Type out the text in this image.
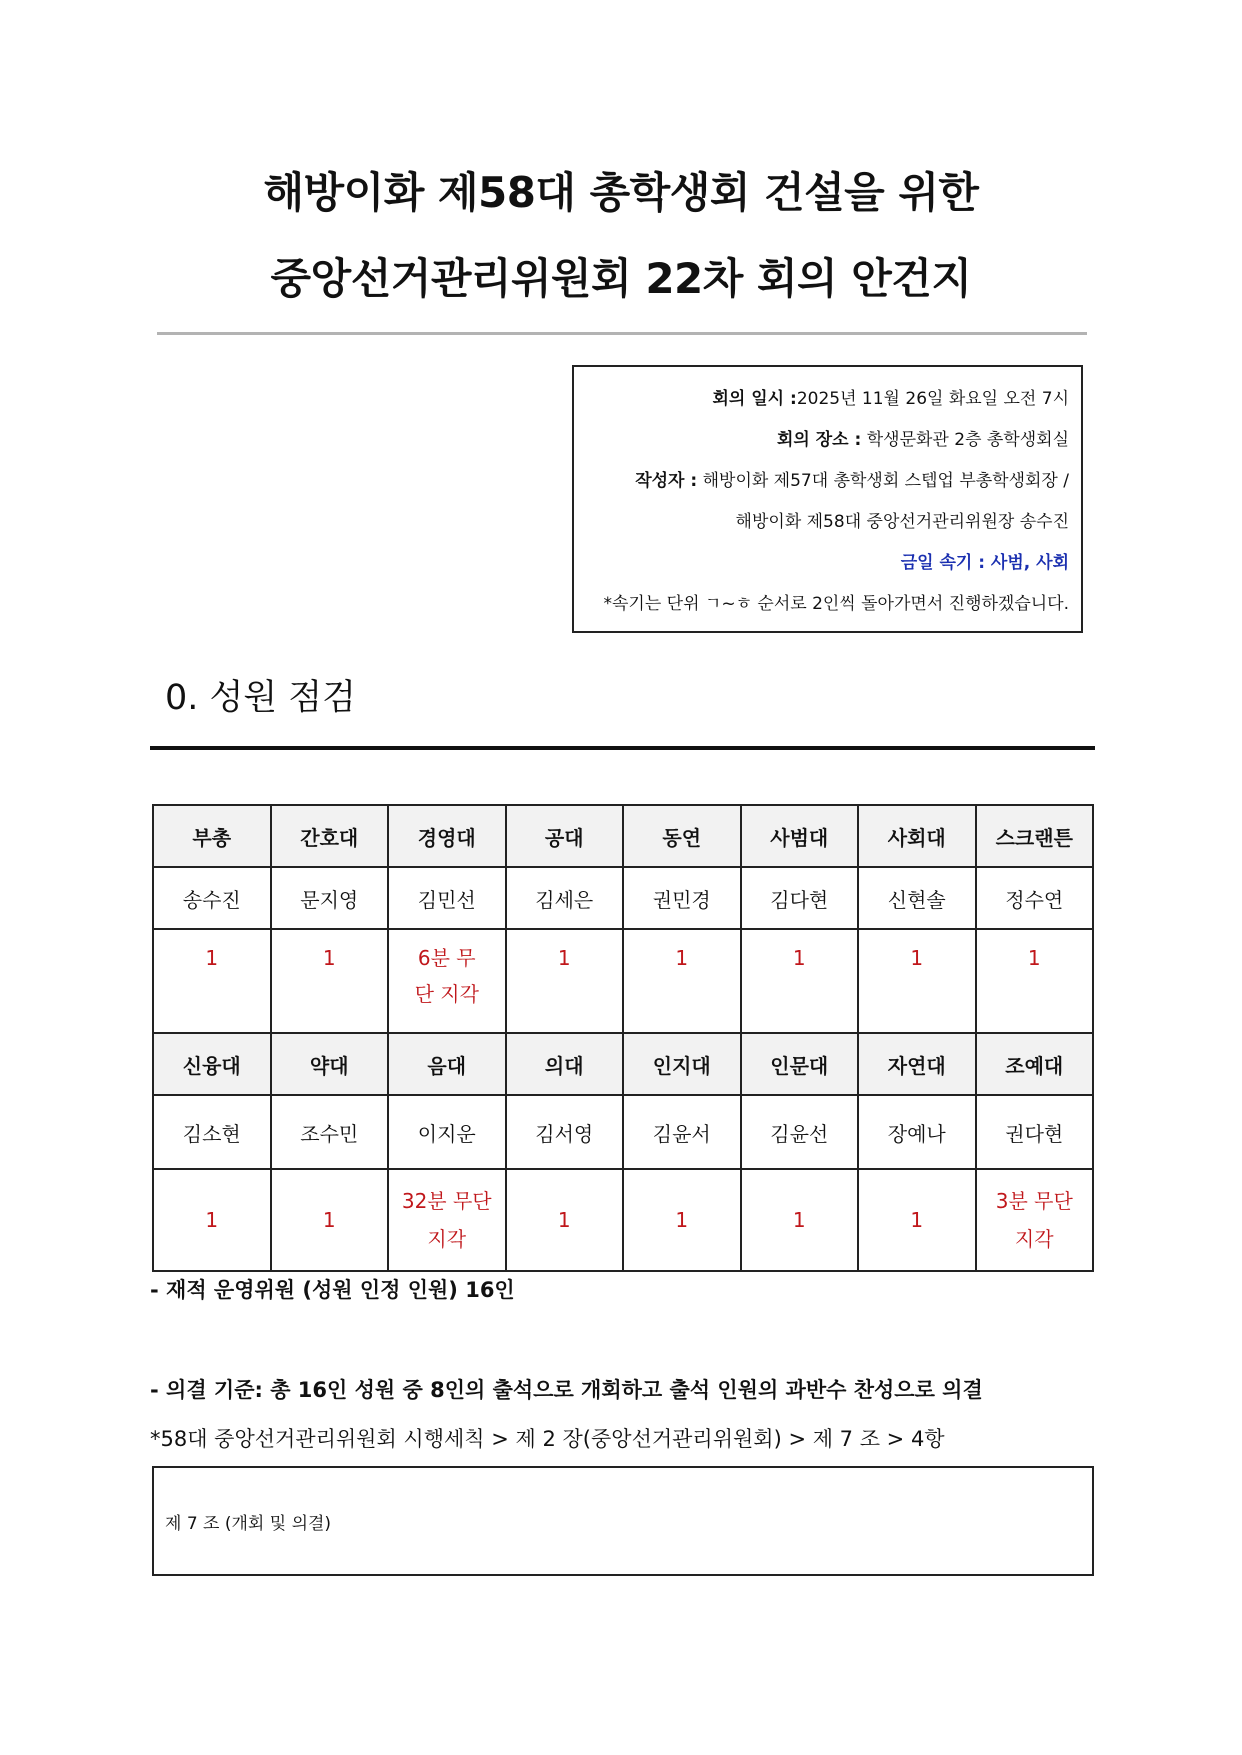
해방이화 제58대 총학생회 건설을 위한
중앙선거관리위원회 22차 회의 안건지
회의 일시 :2025년 11월 26일 화요일 오전 7시
회의 장소 : 학생문화관 2층 총학생회실
작성자 : 해방이화 제57대 총학생회 스텝업 부총학생회장 /
해방이화 제58대 중앙선거관리위원장 송수진
금일 속기 : 사범, 사회
*속기는 단위 ㄱ~ㅎ 순서로 2인씩 돌아가면서 진행하겠습니다.
0. 성원 점검
부총	간호대	경영대	공대	동연	사범대	사회대	스크랜튼
송수진	문지영	김민선	김세은	권민경	김다현	신현솔	정수연
1	1	6분 무단 지각	1	1	1	1	1
신융대	약대	음대	의대	인지대	인문대	자연대	조예대
김소현	조수민	이지운	김서영	김윤서	김윤선	장예나	권다현
1	1	32분 무단 지각	1	1	1	1	3분 무단 지각
- 재적 운영위원 (성원 인정 인원) 16인
- 의결 기준: 총 16인 성원 중 8인의 출석으로 개회하고 출석 인원의 과반수 찬성으로 의결
*58대 중앙선거관리위원회 시행세칙 > 제 2 장(중앙선거관리위원회) > 제 7 조 > 4항
제 7 조 (개회 및 의결)
